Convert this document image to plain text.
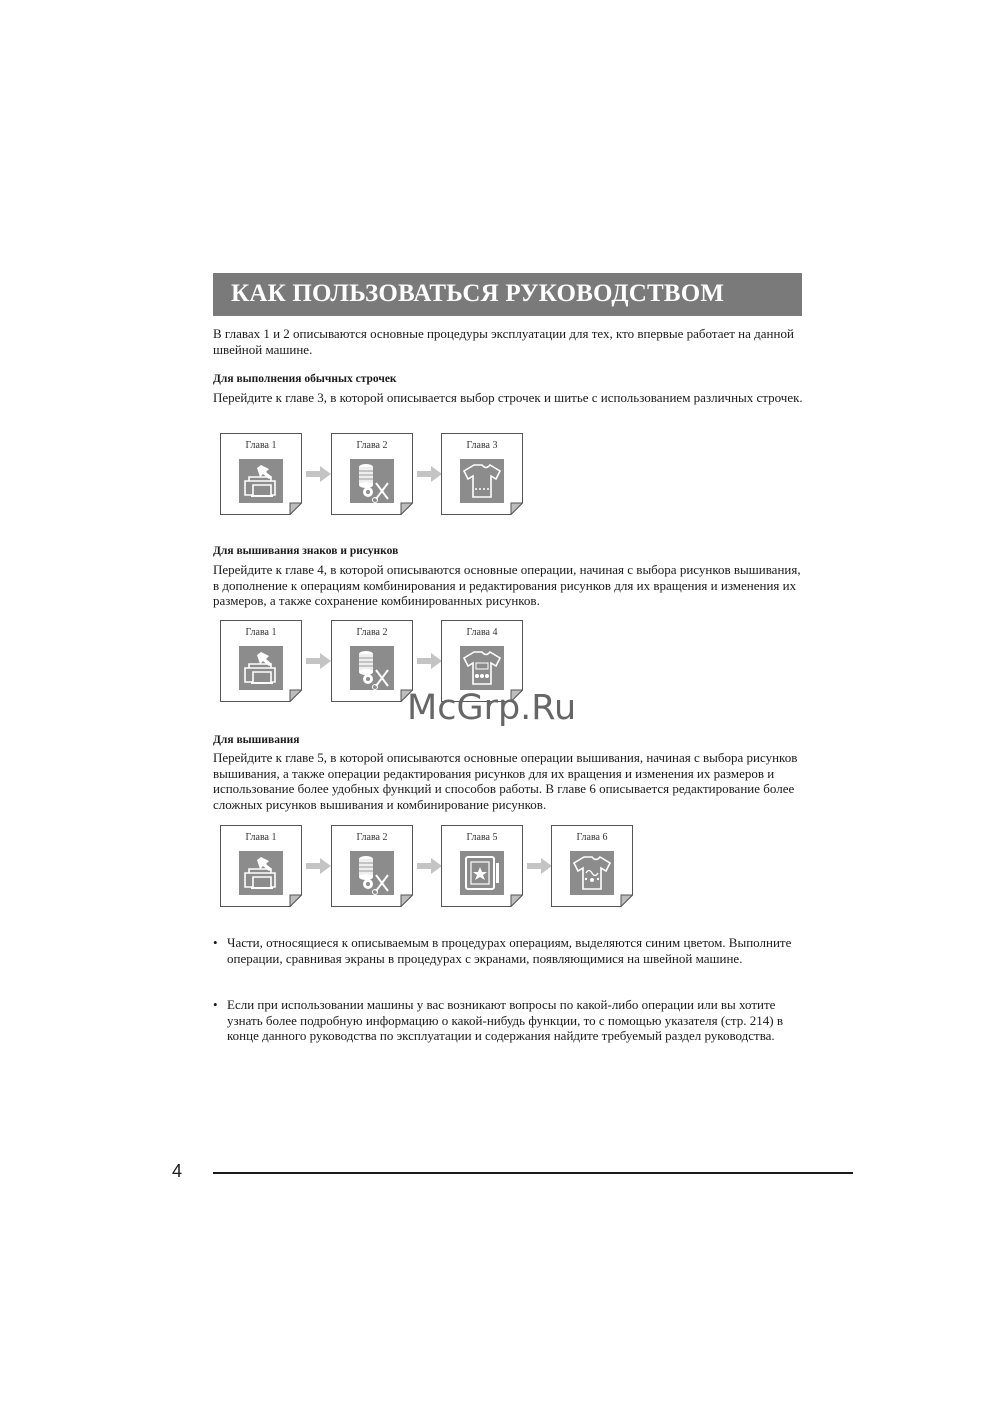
КАК ПОЛЬЗОВАТЬСЯ РУКОВОДСТВОМ

В главах 1 и 2 описываются основные процедуры эксплуатации для тех, кто впервые работает на данной швейной машине.

Для выполнения обычных строчек

Перейдите к главе 3, в которой описывается выбор строчек и шитье с использованием различных строчек.

Для вышивания знаков и рисунков

Перейдите к главе 4, в которой описываются основные операции, начиная с выбора рисунков вышивания, в дополнение к операциям комбинирования и редактирования рисунков для их вращения и изменения их размеров, а также сохранение комбинированных рисунков.

Для вышивания

Перейдите к главе 5, в которой описываются основные операции вышивания, начиная с выбора рисунков вышивания, а также операции редактирования рисунков для их вращения и изменения их размеров и использование более удобных функций и способов работы. В главе 6 описывается редактирование более сложных рисунков вышивания и комбинирование рисунков.

Глава 1	Глава 2	Глава 3
Глава 1	Глава 2	Глава 4
Глава 1	Глава 2	Глава 5	Глава 6
• Части, относящиеся к описываемым в процедурах операциям, выделяются синим цветом. Выполните операции, сравнивая экраны в процедурах с экранами, появляющимися на швейной машине.
• Если при использовании машины у вас возникают вопросы по какой-либо операции или вы хотите узнать более подробную информацию о какой-нибудь функции, то с помощью указателя (стр. 214) в конце данного руководства по эксплуатации и содержания найдите требуемый раздел руководства.
McGrp.Ru
4
